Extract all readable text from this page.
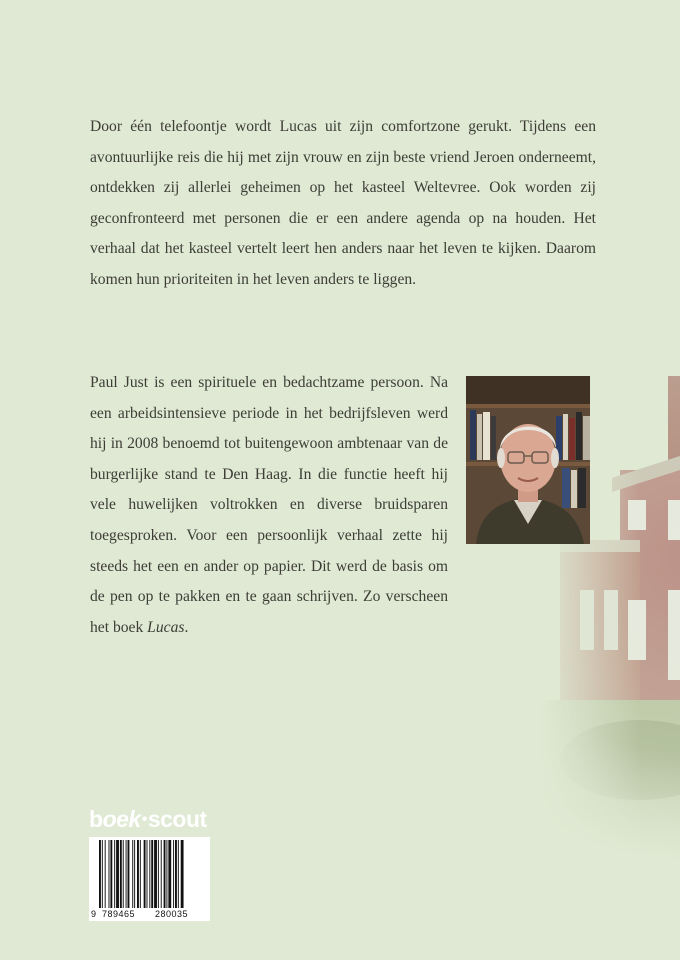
Door één telefoontje wordt Lucas uit zijn comfortzone gerukt. Tijdens een avontuurlijke reis die hij met zijn vrouw en zijn beste vriend Jeroen onderneemt, ontdekken zij allerlei geheimen op het kasteel Weltevree. Ook worden zij geconfronteerd met personen die er een andere agenda op na houden. Het verhaal dat het kasteel vertelt leert hen anders naar het leven te kijken. Daarom komen hun prioriteiten in het leven anders te liggen.

Paul Just is een spirituele en bedachtzame persoon. Na een arbeidsintensieve periode in het bedrijfsleven werd hij in 2008 benoemd tot buitengewoon ambtenaar van de burgerlijke stand te Den Haag. In die functie heeft hij vele huwelijken voltrokken en diverse bruidsparen toegesproken. Voor een persoonlijk verhaal zette hij steeds het een en ander op papier. Dit werd de basis om de pen op te pakken en te gaan schrijven. Zo verscheen het boek Lucas.

boek•scout
9 789465 280035
